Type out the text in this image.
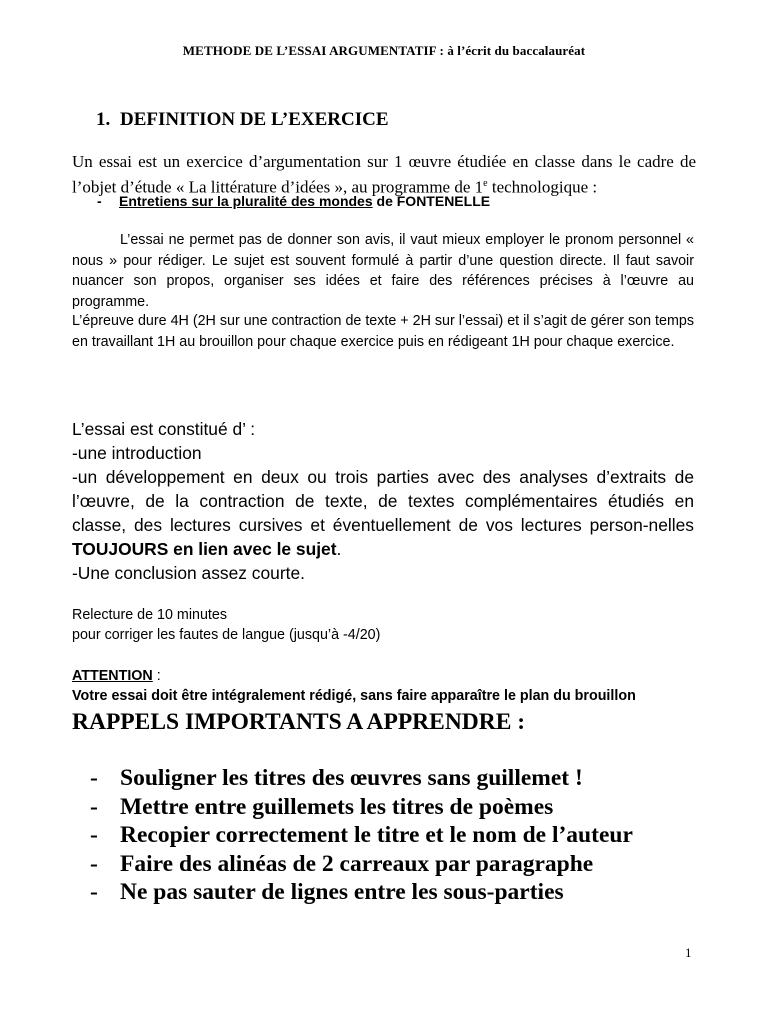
METHODE DE L’ESSAI ARGUMENTATIF : à l’écrit du baccalauréat
1. DEFINITION DE L’EXERCICE
Un essai est un exercice d’argumentation sur 1 œuvre étudiée en classe dans le cadre de l’objet d’étude « La littérature d’idées », au programme de 1e technologique :
- Entretiens sur la pluralité des mondes de FONTENELLE
L’essai ne permet pas de donner son avis, il vaut mieux employer le pronom personnel « nous » pour rédiger. Le sujet est souvent formulé à partir d’une question directe. Il faut savoir nuancer son propos, organiser ses idées et faire des références précises à l’œuvre au programme.
L’épreuve dure 4H (2H sur une contraction de texte + 2H sur l’essai) et il s’agit de gérer son temps en travaillant 1H au brouillon pour chaque exercice puis en rédigeant 1H pour chaque exercice.
L’essai est constitué d’ :
-une introduction
-un développement en deux ou trois parties avec des analyses d’extraits de l’œuvre, de la contraction de texte, de textes complémentaires étudiés en classe, des lectures cursives et éventuellement de vos lectures person-nelles TOUJOURS en lien avec le sujet.
-Une conclusion assez courte.
Relecture de 10 minutes
pour corriger les fautes de langue (jusqu’à -4/20)
ATTENTION :
Votre essai doit être intégralement rédigé, sans faire apparaître le plan du brouillon
RAPPELS IMPORTANTS A APPRENDRE :
- Souligner les titres des œuvres sans guillemet !
- Mettre entre guillemets les titres de poèmes
- Recopier correctement le titre et le nom de l’auteur
- Faire des alinéas de 2 carreaux par paragraphe
- Ne pas sauter de lignes entre les sous-parties
1
